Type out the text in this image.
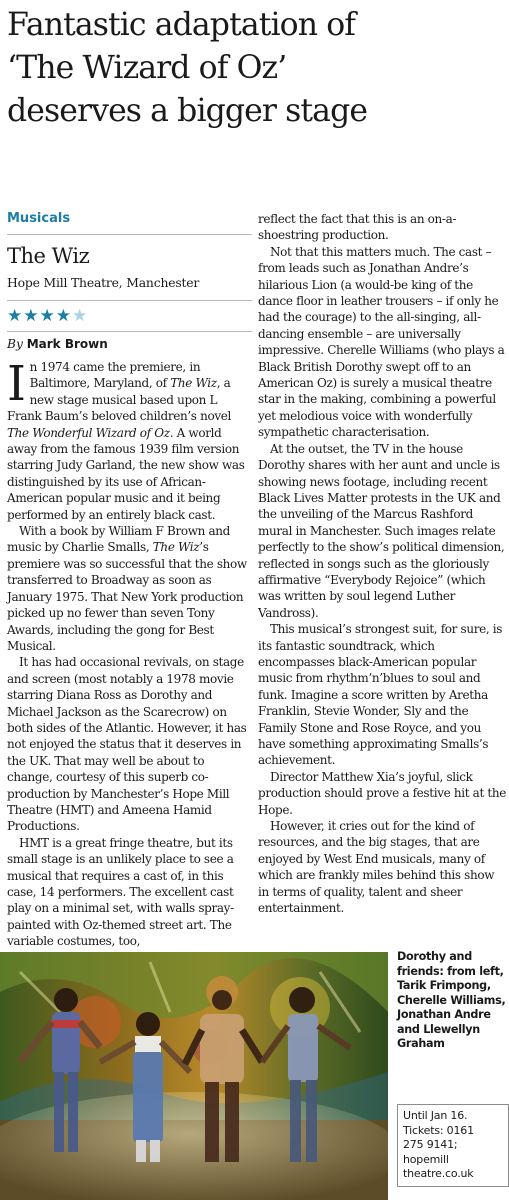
Fantastic adaptation of
‘The Wizard of Oz’
deserves a bigger stage
Musicals
The Wiz
Hope Mill Theatre, Manchester
★★★★★
By Mark Brown

In 1974 came the premiere, in Baltimore, Maryland, of The Wiz, a new stage musical based upon L Frank Baum’s beloved children’s novel The Wonderful Wizard of Oz. A world away from the famous 1939 film version starring Judy Garland, the new show was distinguished by its use of African-American popular music and it being performed by an entirely black cast.

With a book by William F Brown and music by Charlie Smalls, The Wiz’s premiere was so successful that the show transferred to Broadway as soon as January 1975. That New York production picked up no fewer than seven Tony Awards, including the gong for Best Musical.

It has had occasional revivals, on stage and screen (most notably a 1978 movie starring Diana Ross as Dorothy and Michael Jackson as the Scarecrow) on both sides of the Atlantic. However, it has not enjoyed the status that it deserves in the UK. That may well be about to change, courtesy of this superb co-production by Manchester’s Hope Mill Theatre (HMT) and Ameena Hamid Productions.

HMT is a great fringe theatre, but its small stage is an unlikely place to see a musical that requires a cast of, in this case, 14 performers. The excellent cast play on a minimal set, with walls spray-painted with Oz-themed street art. The variable costumes, too,

reflect the fact that this is an on-a-shoestring production.

Not that this matters much. The cast – from leads such as Jonathan Andre’s hilarious Lion (a would-be king of the dance floor in leather trousers – if only he had the courage) to the all-singing, all-dancing ensemble – are universally impressive. Cherelle Williams (who plays a Black British Dorothy swept off to an American Oz) is surely a musical theatre star in the making, combining a powerful yet melodious voice with wonderfully sympathetic characterisation.

At the outset, the TV in the house Dorothy shares with her aunt and uncle is showing news footage, including recent Black Lives Matter protests in the UK and the unveiling of the Marcus Rashford mural in Manchester. Such images relate perfectly to the show’s political dimension, reflected in songs such as the gloriously affirmative “Everybody Rejoice” (which was written by soul legend Luther Vandross).

This musical’s strongest suit, for sure, is its fantastic soundtrack, which encompasses black-American popular music from rhythm’n’blues to soul and funk. Imagine a score written by Aretha Franklin, Stevie Wonder, Sly and the Family Stone and Rose Royce, and you have something approximating Smalls’s achievement.

Director Matthew Xia’s joyful, slick production should prove a festive hit at the Hope.

However, it cries out for the kind of resources, and the big stages, that are enjoyed by West End musicals, many of which are frankly miles behind this show in terms of quality, talent and sheer entertainment.

Dorothy and friends: from left, Tarik Frimpong, Cherelle Williams, Jonathan Andre and Llewellyn Graham
Until Jan 16.
Tickets: 0161
275 9141;
hopemill
theatre.co.uk
